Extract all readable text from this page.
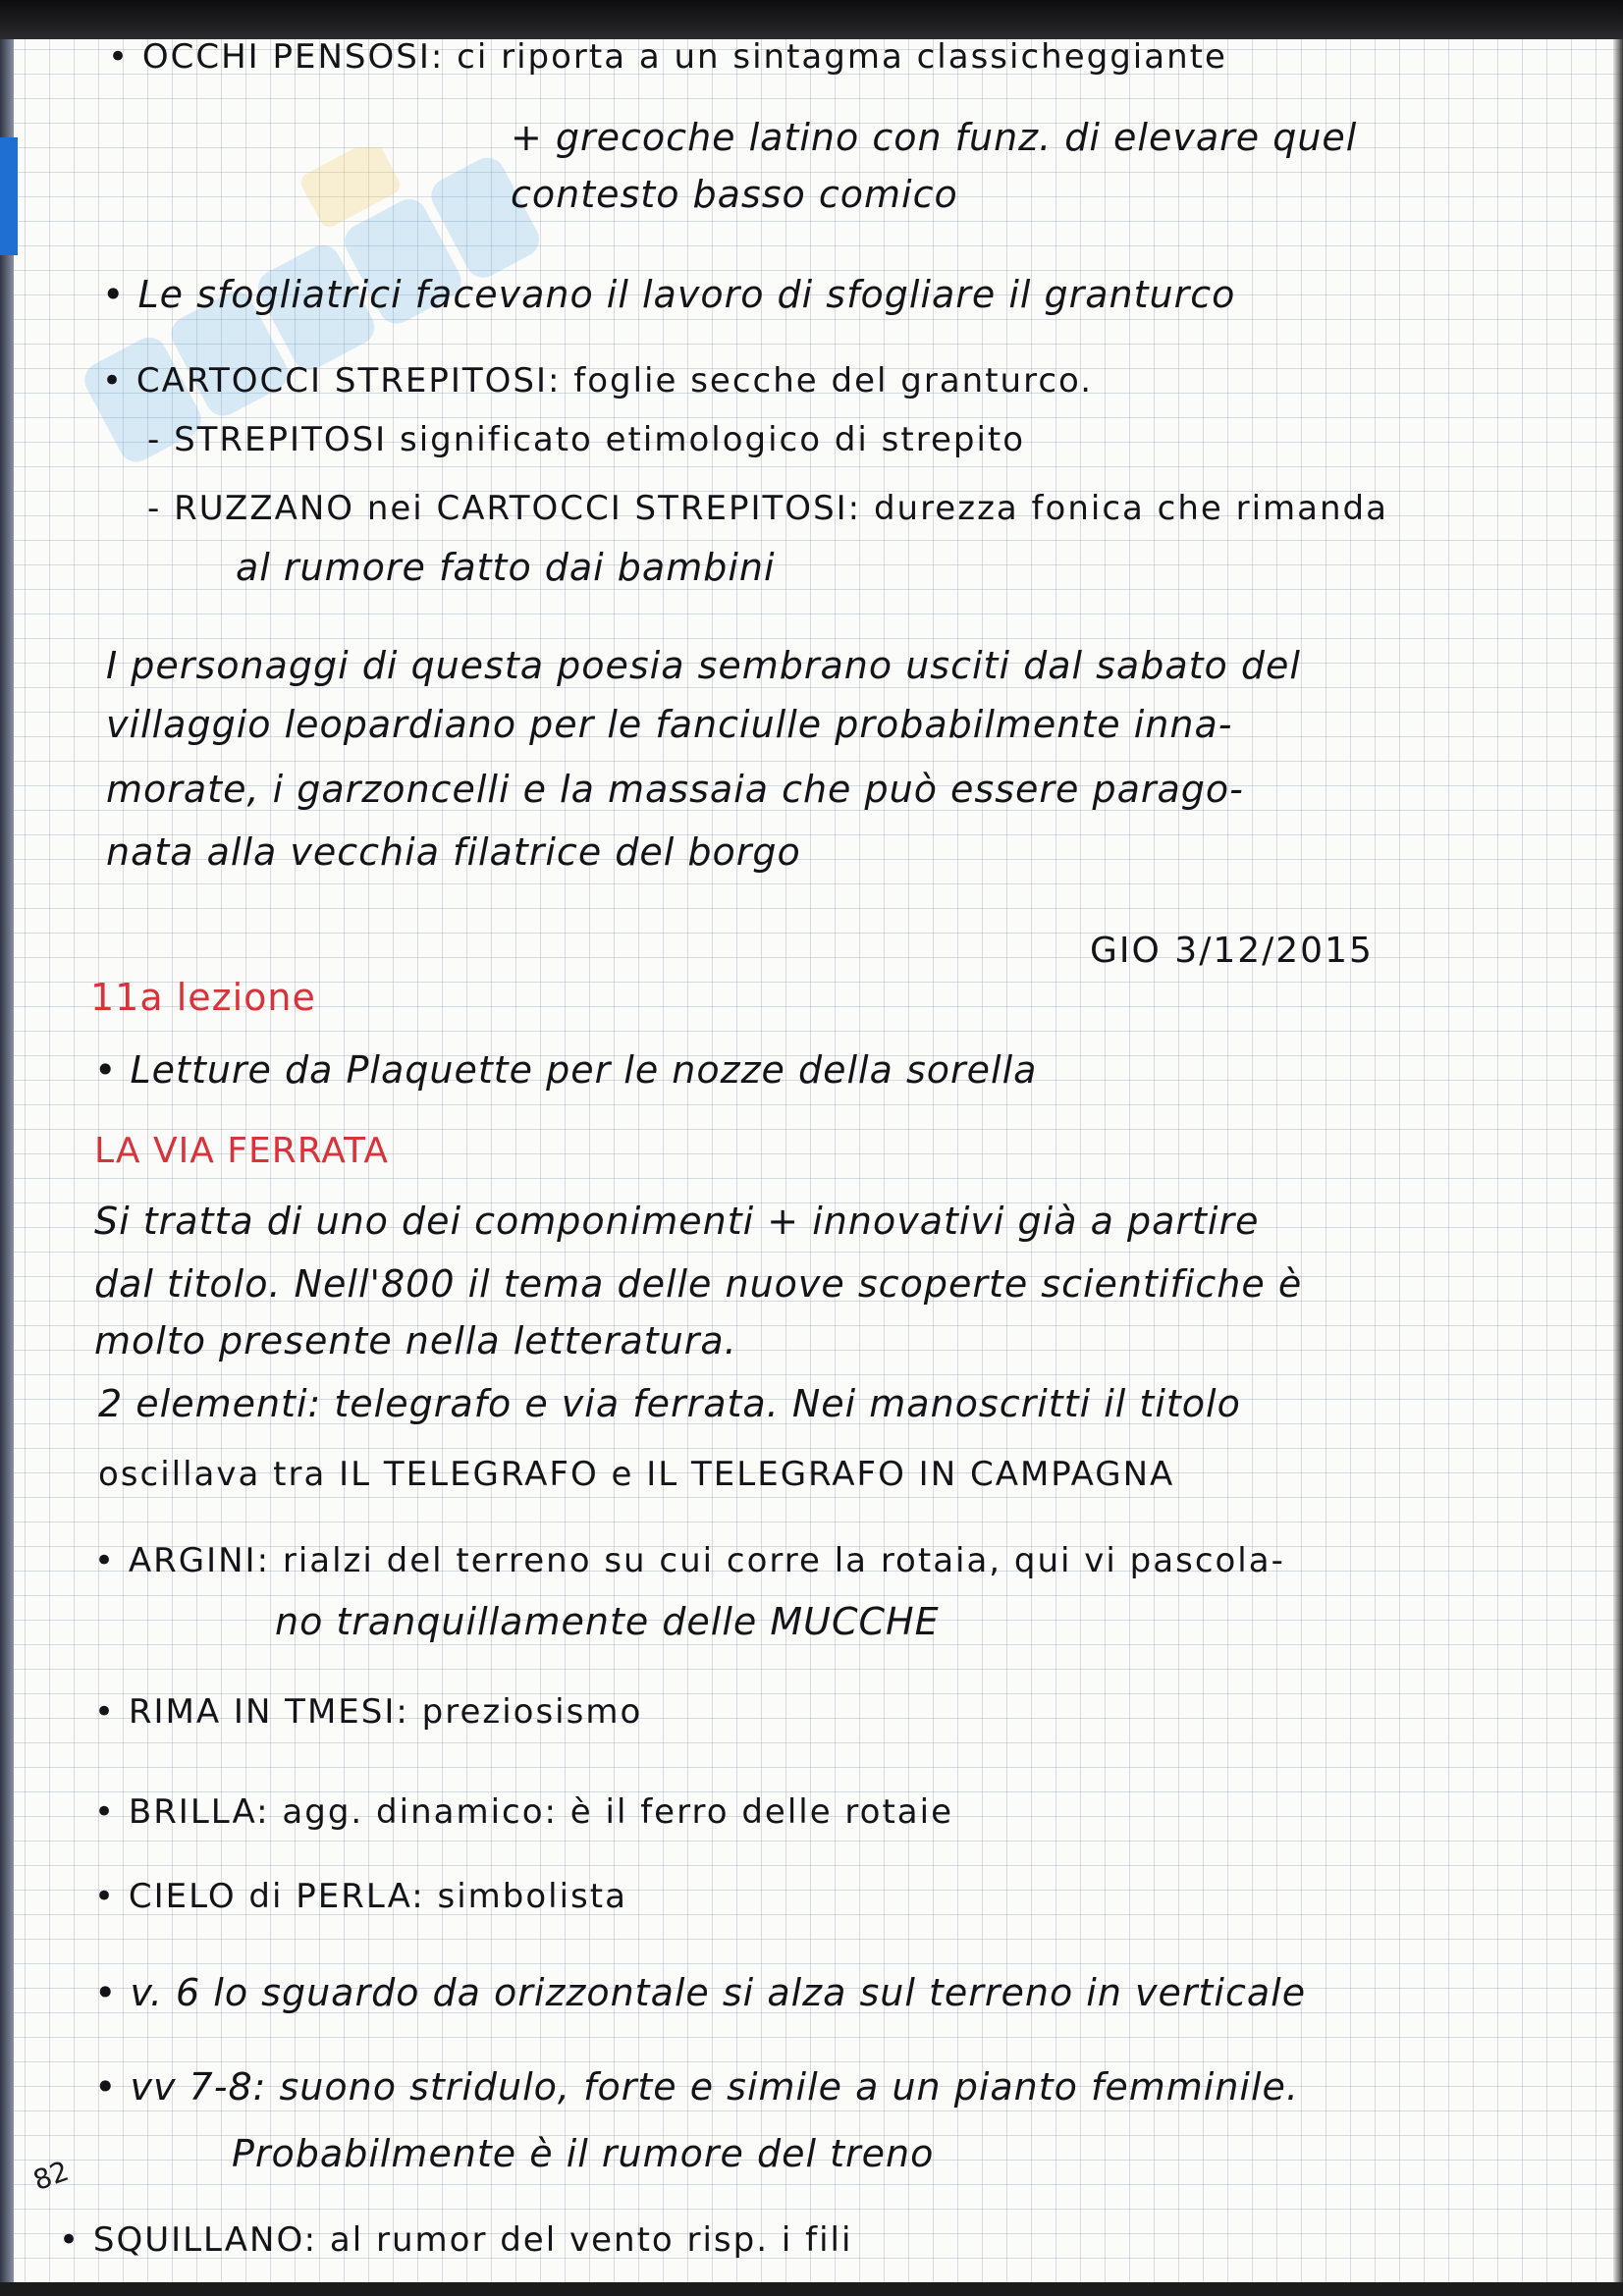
• OCCHI PENSOSI: ci riporta a un sintagma classicheggiante
+ grecoche latino con funz. di elevare quel
contesto basso comico
• Le sfogliatrici facevano il lavoro di sfogliare il granturco
• CARTOCCI STREPITOSI: foglie secche del granturco.
- STREPITOSI significato etimologico di strepito
- RUZZANO nei CARTOCCI STREPITOSI: durezza fonica che rimanda
al rumore fatto dai bambini
I personaggi di questa poesia sembrano usciti dal sabato del
villaggio leopardiano per le fanciulle probabilmente inna-
morate, i garzoncelli e la massaia che può essere parago-
nata alla vecchia filatrice del borgo
GIO 3/12/2015
11a lezione
• Letture da Plaquette per le nozze della sorella
LA VIA FERRATA
Si tratta di uno dei componimenti + innovativi già a partire
dal titolo. Nell'800 il tema delle nuove scoperte scientifiche è
molto presente nella letteratura.
2 elementi: telegrafo e via ferrata. Nei manoscritti il titolo
oscillava tra IL TELEGRAFO e IL TELEGRAFO IN CAMPAGNA
• ARGINI: rialzi del terreno su cui corre la rotaia, qui vi pascola-
no tranquillamente delle MUCCHE
• RIMA IN TMESI: preziosismo
• BRILLA: agg. dinamico: è il ferro delle rotaie
• CIELO di PERLA: simbolista
• v. 6 lo sguardo da orizzontale si alza sul terreno in verticale
• vv 7-8: suono stridulo, forte e simile a un pianto femminile.
Probabilmente è il rumore del treno
• SQUILLANO: al rumor del vento risp. i fili
82
